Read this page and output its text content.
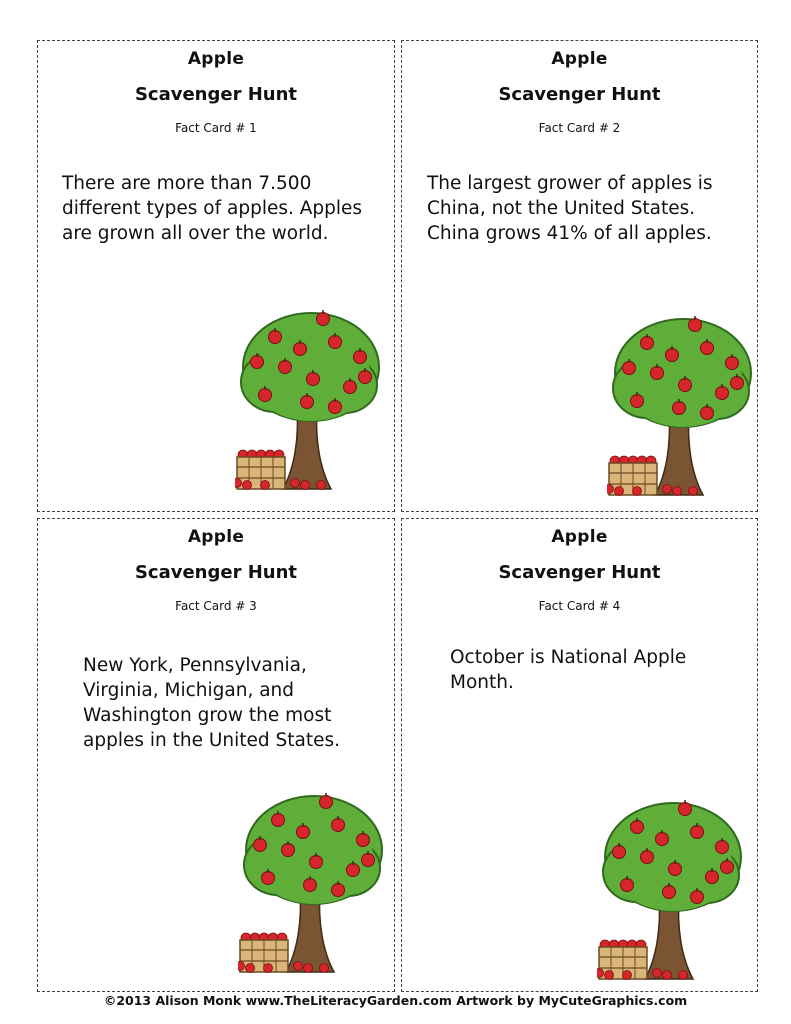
Apple
Scavenger Hunt
Fact Card # 1

There are more than 7.500 different types of apples. Apples are grown all over the world.

Apple
Scavenger Hunt
Fact Card # 2

The largest grower of apples is China, not the United States. China grows 41% of all apples.

Apple
Scavenger Hunt
Fact Card # 3

New York, Pennsylvania, Virginia, Michigan, and Washington grow the most apples in the United States.

Apple
Scavenger Hunt
Fact Card # 4

October is National Apple Month.

©2013 Alison Monk www.TheLiteracyGarden.com Artwork by MyCuteGraphics.com
